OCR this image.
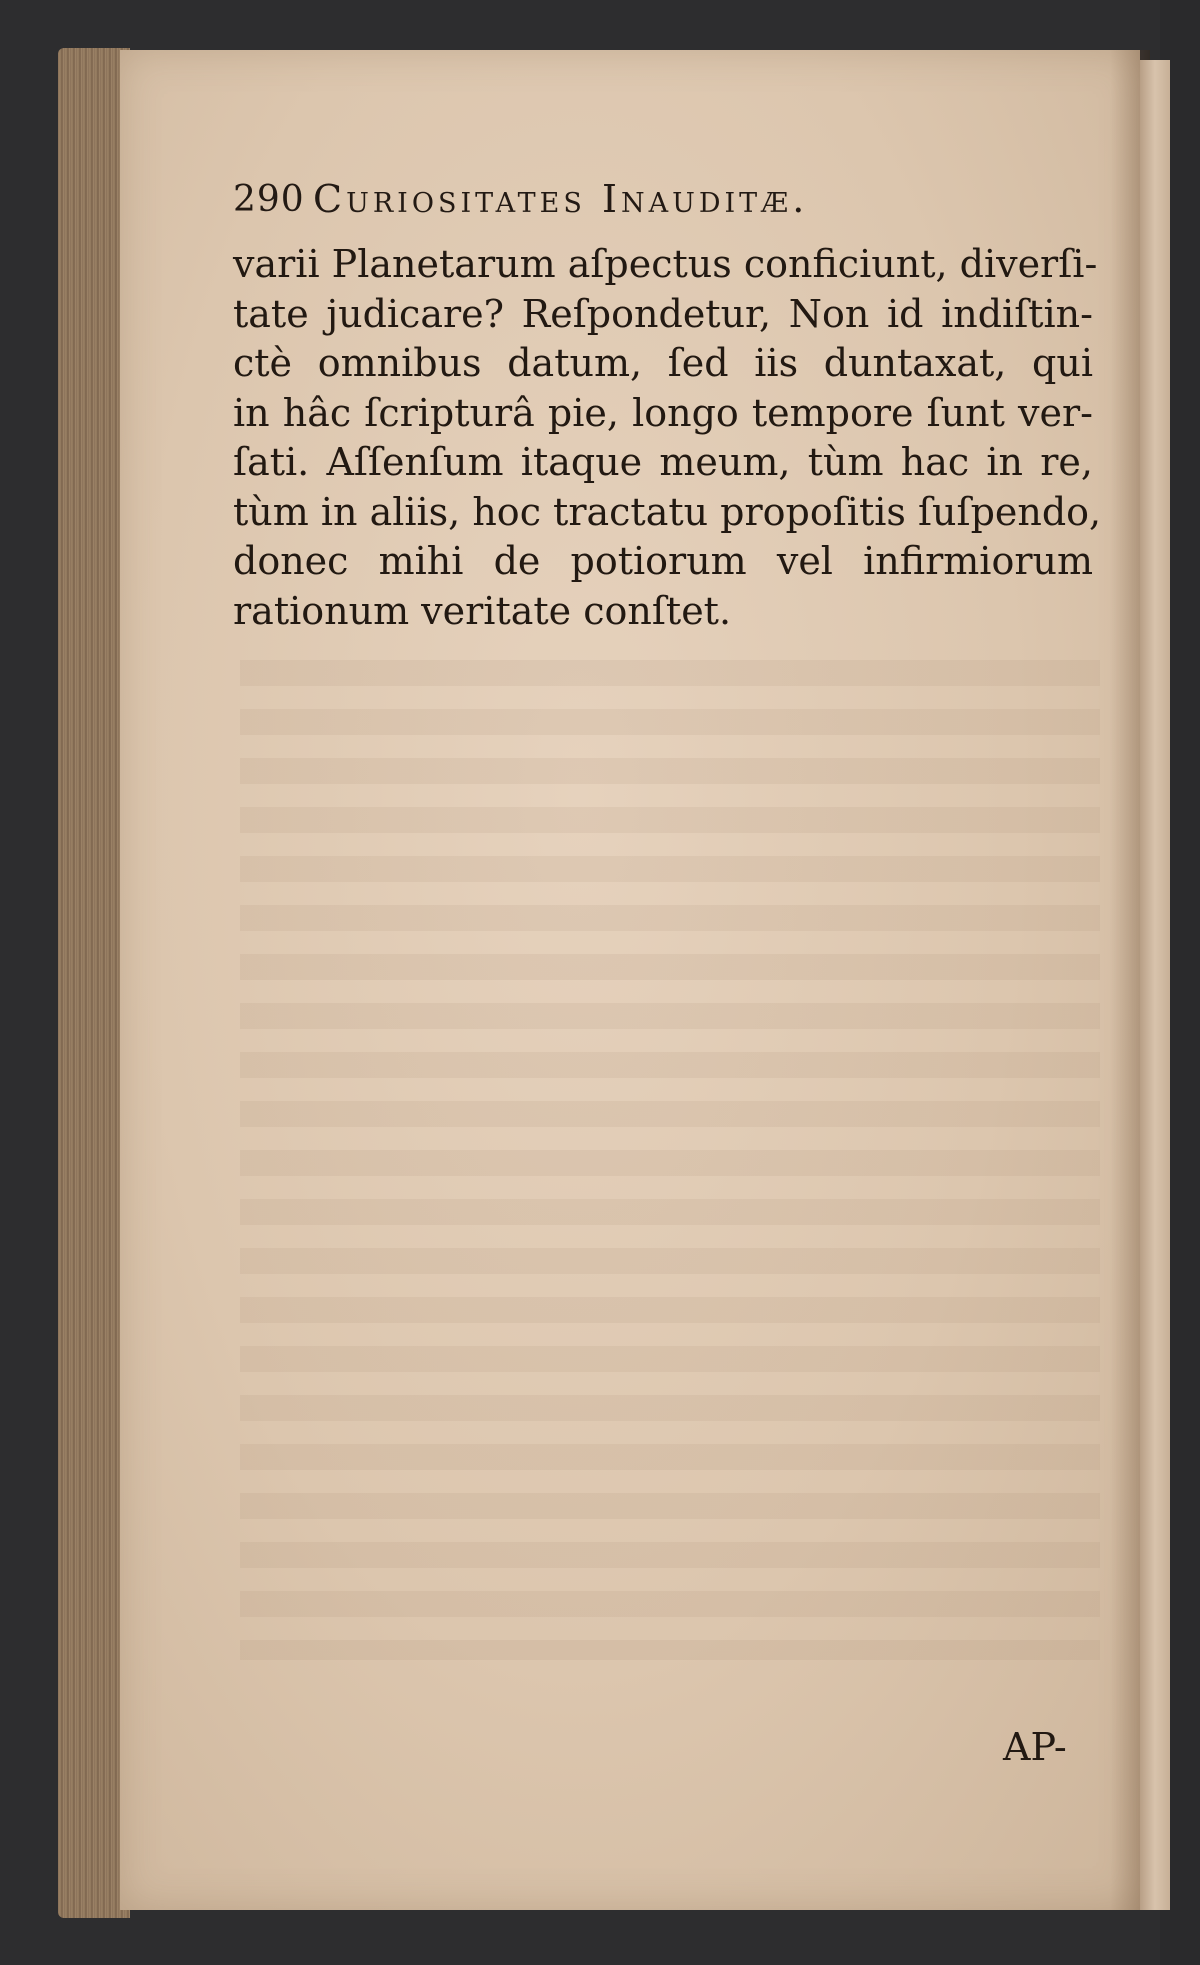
290 Curiositates Inauditæ.
varii Planetarum aſpectus conficiunt, diverſi-
tate judicare? Reſpondetur, Non id indiſtin-
ctè omnibus datum, ſed iis duntaxat, qui
in hâc ſcripturâ pie, longo tempore ſunt ver-
ſati. Aſſenſum itaque meum, tùm hac in re,
tùm in aliis, hoc tractatu propoſitis ſuſpendo,
donec mihi de potiorum vel infirmiorum
rationum veritate conſtet.
AP-
